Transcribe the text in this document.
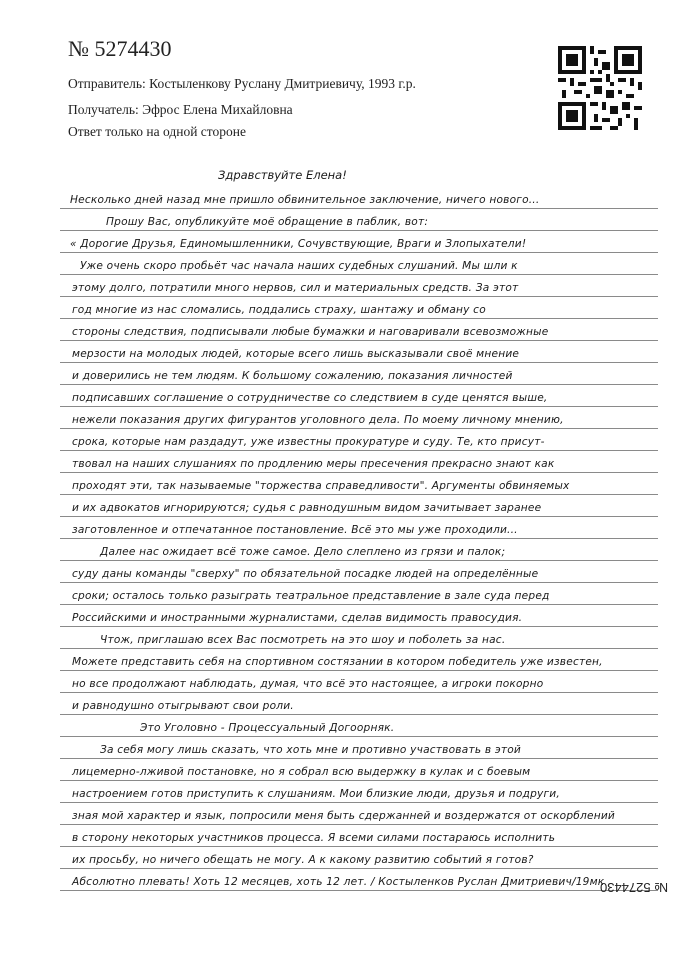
№ 5274430
Отправитель: Костыленкову Руслану Дмитриевичу, 1993 г.р.
Получатель: Эфрос Елена Михайловна
Ответ только на одной стороне
Здравствуйте Елена!
Несколько дней назад мне пришло обвинительное заключение, ничего нового...
Прошу Вас, опубликуйте моё обращение в паблик, вот:
« Дорогие Друзья, Единомышленники, Сочувствующие, Враги и Злопыхатели!
Уже очень скоро пробьёт час начала наших судебных слушаний. Мы шли к
этому долго, потратили много нервов, сил и материальных средств. За этот
год многие из нас сломались, поддались страху, шантажу и обману со
стороны следствия, подписывали любые бумажки и наговаривали всевозможные
мерзости на молодых людей, которые всего лишь высказывали своё мнение
и доверились не тем людям. К большому сожалению, показания личностей
подписавших соглашение о сотрудничестве со следствием в суде ценятся выше,
нежели показания других фигурантов уголовного дела. По моему личному мнению,
срока, которые нам раздадут, уже известны прокуратуре и суду. Те, кто присут-
твовал на наших слушаниях по продлению меры пресечения прекрасно знают как
проходят эти, так называемые "торжества справедливости". Аргументы обвиняемых
и их адвокатов игнорируются; судья с равнодушным видом зачитывает заранее
заготовленное и отпечатанное постановление. Всё это мы уже проходили...
Далее нас ожидает всё тоже самое. Дело слеплено из грязи и палок;
суду даны команды "сверху" по обязательной посадке людей на определённые
сроки; осталось только разыграть театральное представление в зале суда перед
Российскими и иностранными журналистами, сделав видимость правосудия.
Чтож, приглашаю всех Вас посмотреть на это шоу и поболеть за нас.
Можете представить себя на спортивном состязании в котором победитель уже известен,
но все продолжают наблюдать, думая, что всё это настоящее, а игроки покорно
и равнодушно отыгрывают свои роли.
Это Уголовно - Процессуальный Догоорняк.
За себя могу лишь сказать, что хоть мне и противно участвовать в этой
лицемерно-лживой постановке, но я собрал всю выдержку в кулак и с боевым
настроением готов приступить к слушаниям. Мои близкие люди, друзья и подруги,
зная мой характер и язык, попросили меня быть сдержанней и воздержатся от оскорблений
в сторону некоторых участников процесса. Я всеми силами постараюсь исполнить
их просьбу, но ничего обещать не могу. А к какому развитию событий я готов?
Абсолютно плевать! Хоть 12 месяцев, хоть 12 лет. / Костыленков Руслан Дмитриевич/19мк
№ 5274430
